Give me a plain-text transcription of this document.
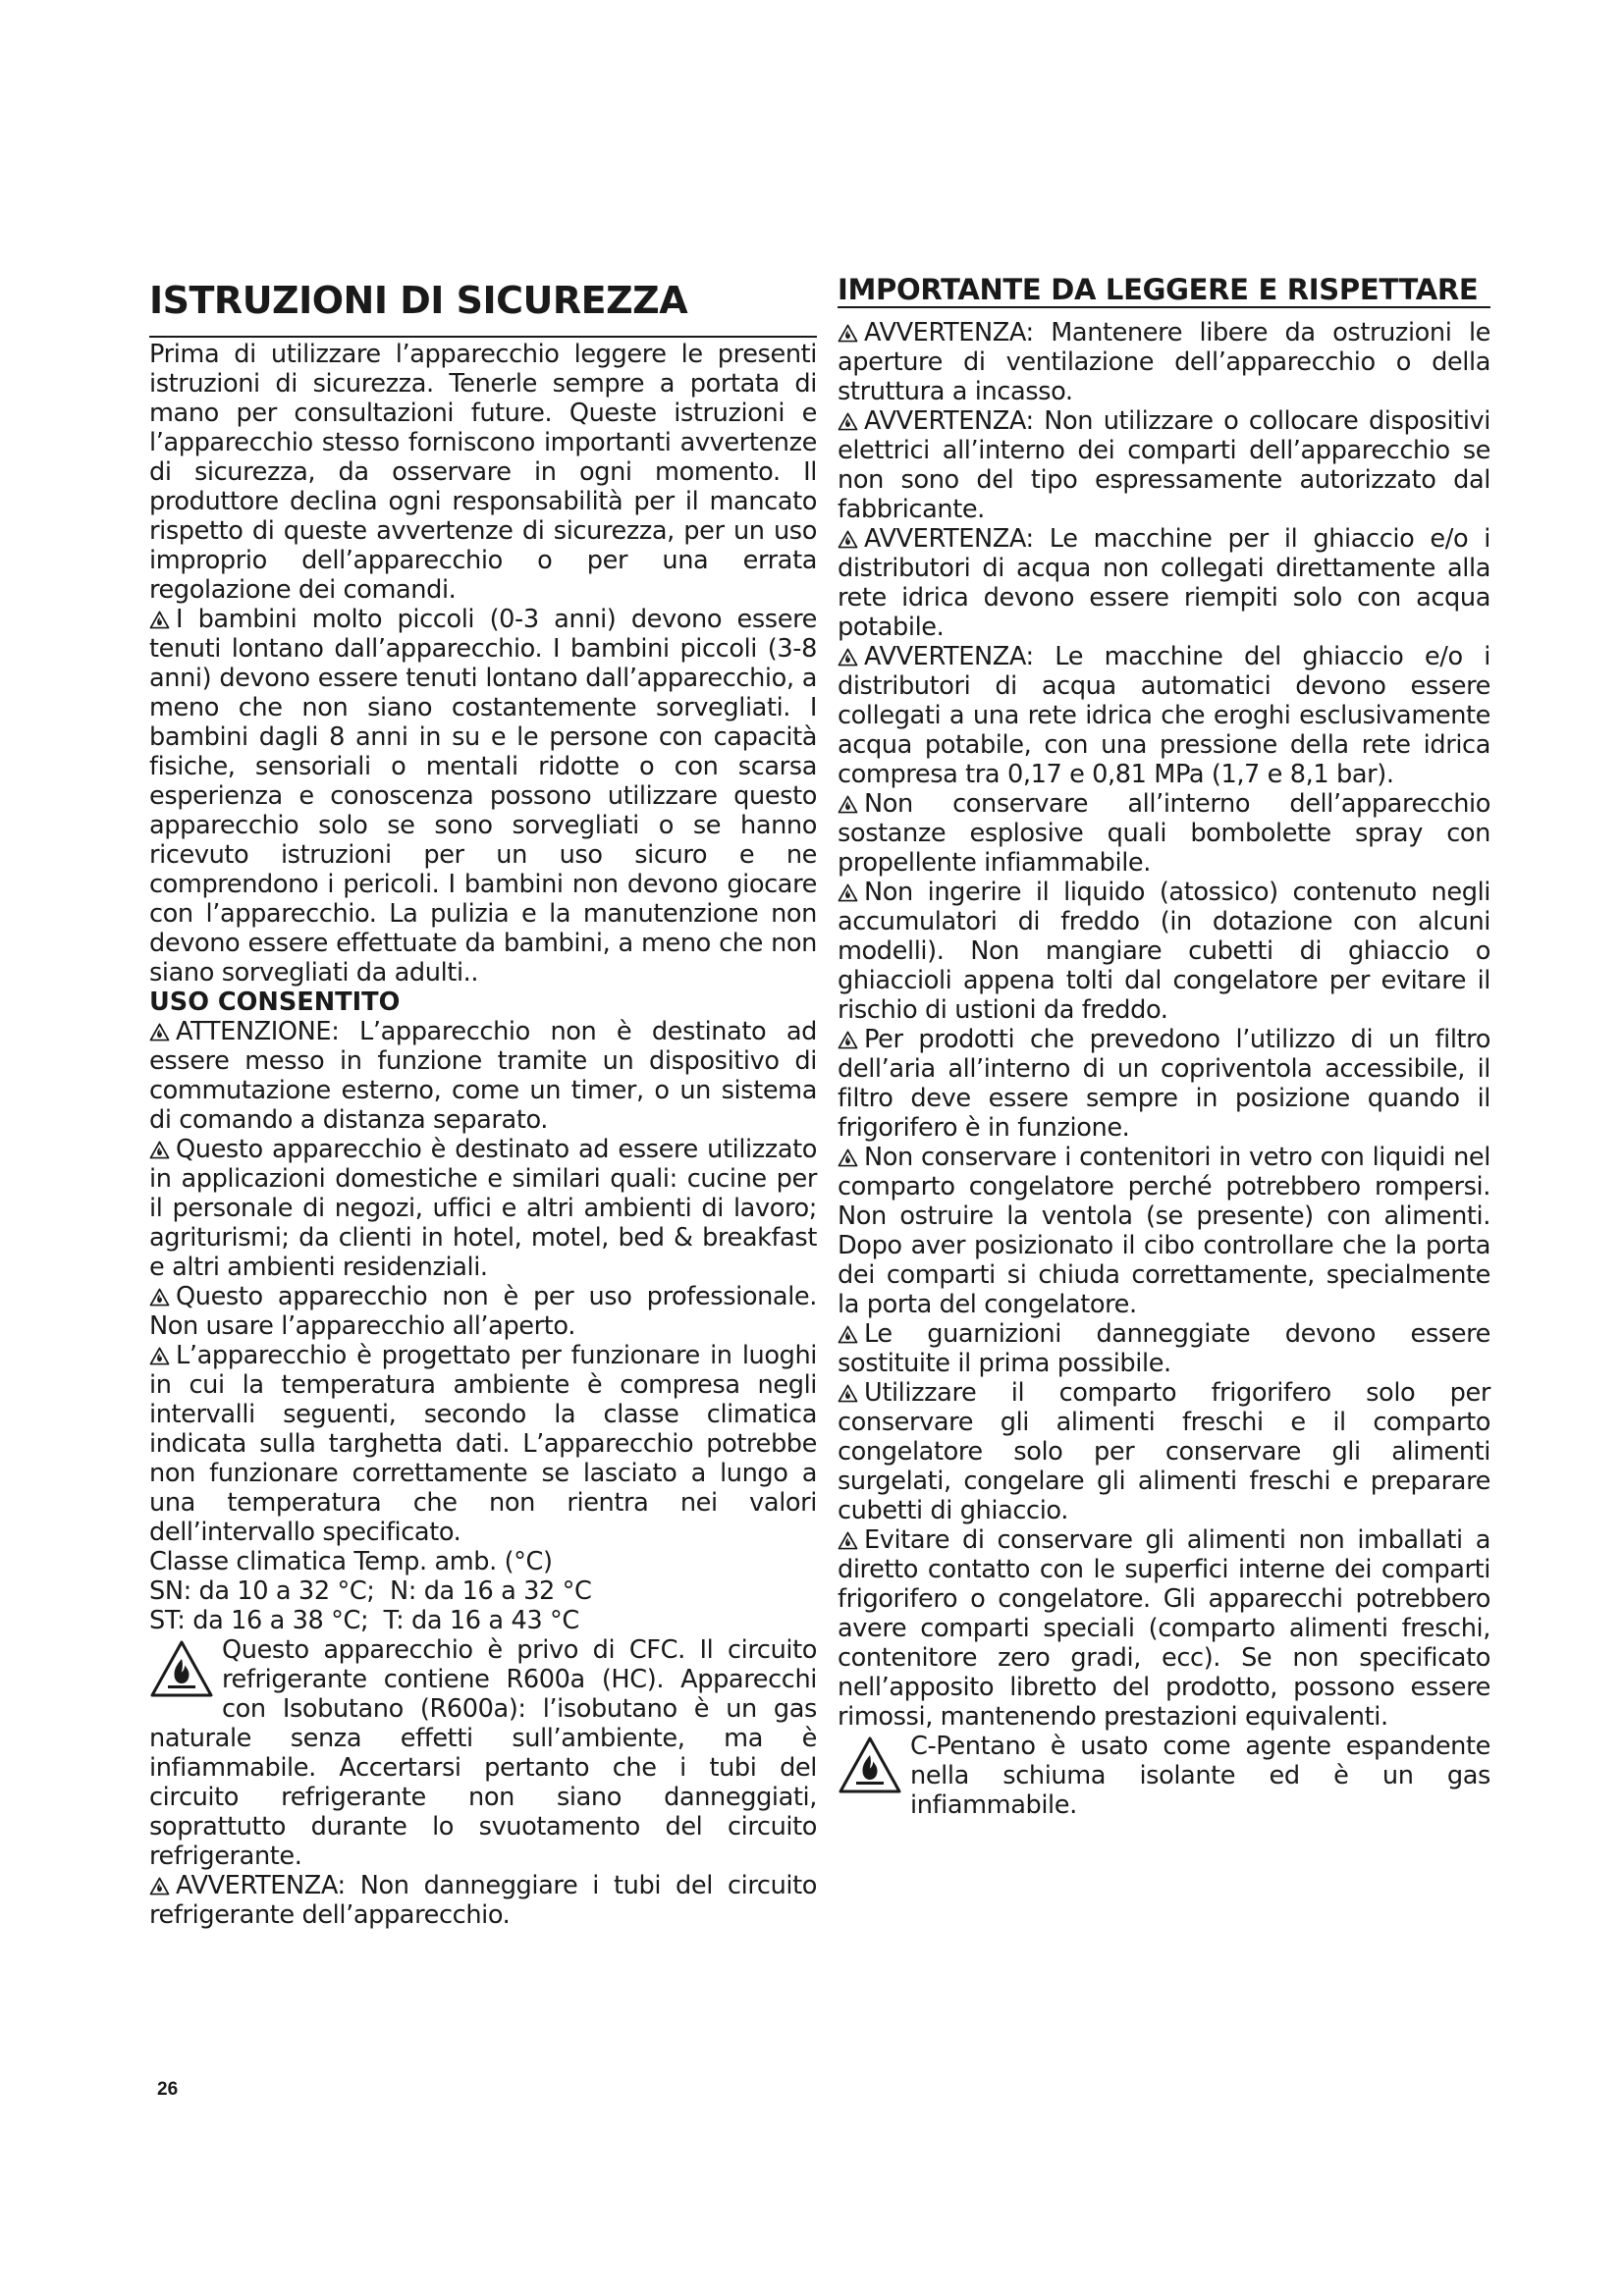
ISTRUZIONI DI SICUREZZA

Prima di utilizzare l’apparecchio leggere le presenti istruzioni di sicurezza. Tenerle sempre a portata di mano per consultazioni future. Queste istruzioni e l’apparecchio stesso forniscono importanti avvertenze di sicurezza, da osservare in ogni momento. Il produttore declina ogni responsabilità per il mancato rispetto di queste avvertenze di sicurezza, per un uso improprio dell’apparecchio o per una errata regolazione dei comandi.

I bambini molto piccoli (0-3 anni) devono essere tenuti lontano dall’apparecchio. I bambini piccoli (3-8 anni) devono essere tenuti lontano dall’apparecchio, a meno che non siano costantemente sorvegliati. I bambini dagli 8 anni in su e le persone con capacità fisiche, sensoriali o mentali ridotte o con scarsa esperienza e conoscenza possono utilizzare questo apparecchio solo se sono sorvegliati o se hanno ricevuto istruzioni per un uso sicuro e ne comprendono i pericoli. I bambini non devono giocare con l’apparecchio. La pulizia e la manutenzione non devono essere effettuate da bambini, a meno che non siano sorvegliati da adulti..

USO CONSENTITO

ATTENZIONE: L’apparecchio non è destinato ad essere messo in funzione tramite un dispositivo di commutazione esterno, come un timer, o un sistema di comando a distanza separato.

Questo apparecchio è destinato ad essere utilizzato in applicazioni domestiche e similari quali: cucine per il personale di negozi, uffici e altri ambienti di lavoro; agriturismi; da clienti in hotel, motel, bed & breakfast e altri ambienti residenziali.

Questo apparecchio non è per uso professionale. Non usare l’apparecchio all’aperto.

L’apparecchio è progettato per funzionare in luoghi in cui la temperatura ambiente è compresa negli intervalli seguenti, secondo la classe climatica indicata sulla targhetta dati. L’apparecchio potrebbe non funzionare correttamente se lasciato a lungo a una temperatura che non rientra nei valori dell’intervallo specificato.

Classe climatica Temp. amb. (°C)

SN: da 10 a 32 °C;  N: da 16 a 32 °C

ST: da 16 a 38 °C;  T: da 16 a 43 °C

Questo apparecchio è privo di CFC. Il circuito refrigerante contiene R600a (HC). Apparecchi con Isobutano (R600a): l’isobutano è un gas naturale senza effetti sull’ambiente, ma è infiammabile. Accertarsi pertanto che i tubi del circuito refrigerante non siano danneggiati, soprattutto durante lo svuotamento del circuito refrigerante.

AVVERTENZA: Non danneggiare i tubi del circuito refrigerante dell’apparecchio.

IMPORTANTE DA LEGGERE E RISPETTARE

AVVERTENZA: Mantenere libere da ostruzioni le aperture di ventilazione dell’apparecchio o della struttura a incasso.

AVVERTENZA: Non utilizzare o collocare dispositivi elettrici all’interno dei comparti dell’apparecchio se non sono del tipo espressamente autorizzato dal fabbricante.

AVVERTENZA: Le macchine per il ghiaccio e/o i distributori di acqua non collegati direttamente alla rete idrica devono essere riempiti solo con acqua potabile.

AVVERTENZA: Le macchine del ghiaccio e/o i distributori di acqua automatici devono essere collegati a una rete idrica che eroghi esclusivamente acqua potabile, con una pressione della rete idrica compresa tra 0,17 e 0,81 MPa (1,7 e 8,1 bar).

Non conservare all’interno dell’apparecchio sostanze esplosive quali bombolette spray con propellente infiammabile.

Non ingerire il liquido (atossico) contenuto negli accumulatori di freddo (in dotazione con alcuni modelli). Non mangiare cubetti di ghiaccio o ghiaccioli appena tolti dal congelatore per evitare il rischio di ustioni da freddo.

Per prodotti che prevedono l’utilizzo di un filtro dell’aria all’interno di un copriventola accessibile, il filtro deve essere sempre in posizione quando il frigorifero è in funzione.

Non conservare i contenitori in vetro con liquidi nel comparto congelatore perché potrebbero rompersi. Non ostruire la ventola (se presente) con alimenti. Dopo aver posizionato il cibo controllare che la porta dei comparti si chiuda correttamente, specialmente la porta del congelatore.

Le guarnizioni danneggiate devono essere sostituite il prima possibile.

Utilizzare il comparto frigorifero solo per conservare gli alimenti freschi e il comparto congelatore solo per conservare gli alimenti surgelati, congelare gli alimenti freschi e preparare cubetti di ghiaccio.

Evitare di conservare gli alimenti non imballati a diretto contatto con le superfici interne dei comparti frigorifero o congelatore. Gli apparecchi potrebbero avere comparti speciali (comparto alimenti freschi, contenitore zero gradi, ecc). Se non specificato nell’apposito libretto del prodotto, possono essere rimossi, mantenendo prestazioni equivalenti.

C-Pentano è usato come agente espandente nella schiuma isolante ed è un gas infiammabile.

26
